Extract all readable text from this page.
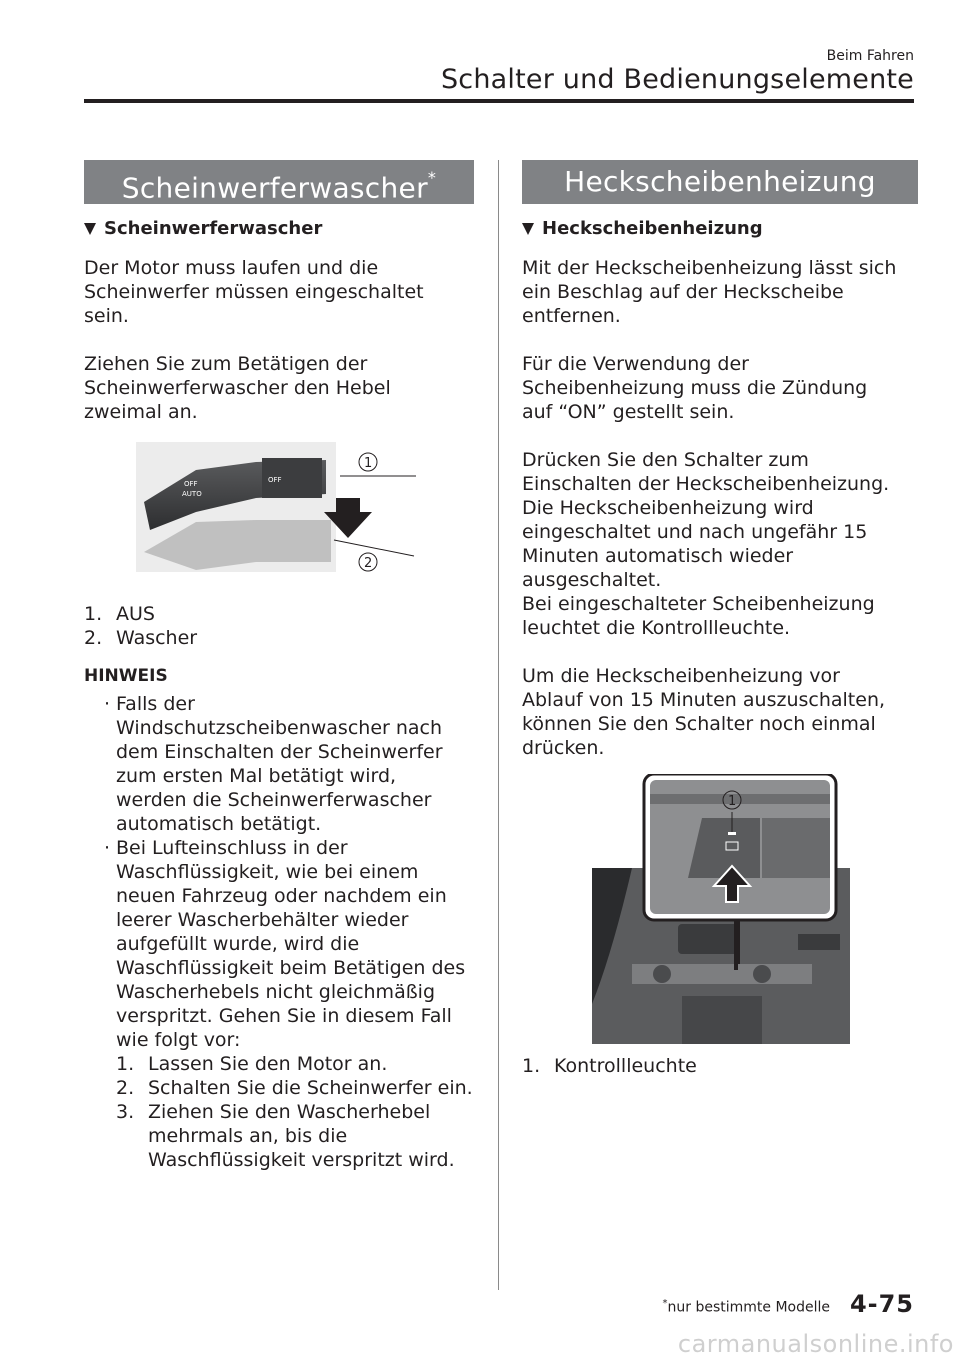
Beim Fahren
Schalter und Bedienungselemente
Scheinwerferwascher*
Scheinwerferwascher
Der Motor muss laufen und die
Scheinwerfer müssen eingeschaltet
sein.
Ziehen Sie zum Betätigen der
Scheinwerferwascher den Hebel
zweimal an.
OFF
AUTO
OFF
1
2
1. AUS
2. Wascher
HINWEIS
· Falls der
Windschutzscheibenwascher nach
dem Einschalten der Scheinwerfer
zum ersten Mal betätigt wird,
werden die Scheinwerferwascher
automatisch betätigt.
· Bei Lufteinschluss in der
Waschflüssigkeit, wie bei einem
neuen Fahrzeug oder nachdem ein
leerer Wascherbehälter wieder
aufgefüllt wurde, wird die
Waschflüssigkeit beim Betätigen des
Wascherhebels nicht gleichmäßig
verspritzt. Gehen Sie in diesem Fall
wie folgt vor:
1. Lassen Sie den Motor an.
2. Schalten Sie die Scheinwerfer ein.
3. Ziehen Sie den Wascherhebel
mehrmals an, bis die
Waschflüssigkeit verspritzt wird.
Heckscheibenheizung
Heckscheibenheizung
Mit der Heckscheibenheizung lässt sich
ein Beschlag auf der Heckscheibe
entfernen.
Für die Verwendung der
Scheibenheizung muss die Zündung
auf “ON” gestellt sein.
Drücken Sie den Schalter zum
Einschalten der Heckscheibenheizung.
Die Heckscheibenheizung wird
eingeschaltet und nach ungefähr 15
Minuten automatisch wieder
ausgeschaltet.
Bei eingeschalteter Scheibenheizung
leuchtet die Kontrollleuchte.
Um die Heckscheibenheizung vor
Ablauf von 15 Minuten auszuschalten,
können Sie den Schalter noch einmal
drücken.
1
1. Kontrollleuchte
*nur bestimmte Modelle 4-75
carmanualsonline.info
